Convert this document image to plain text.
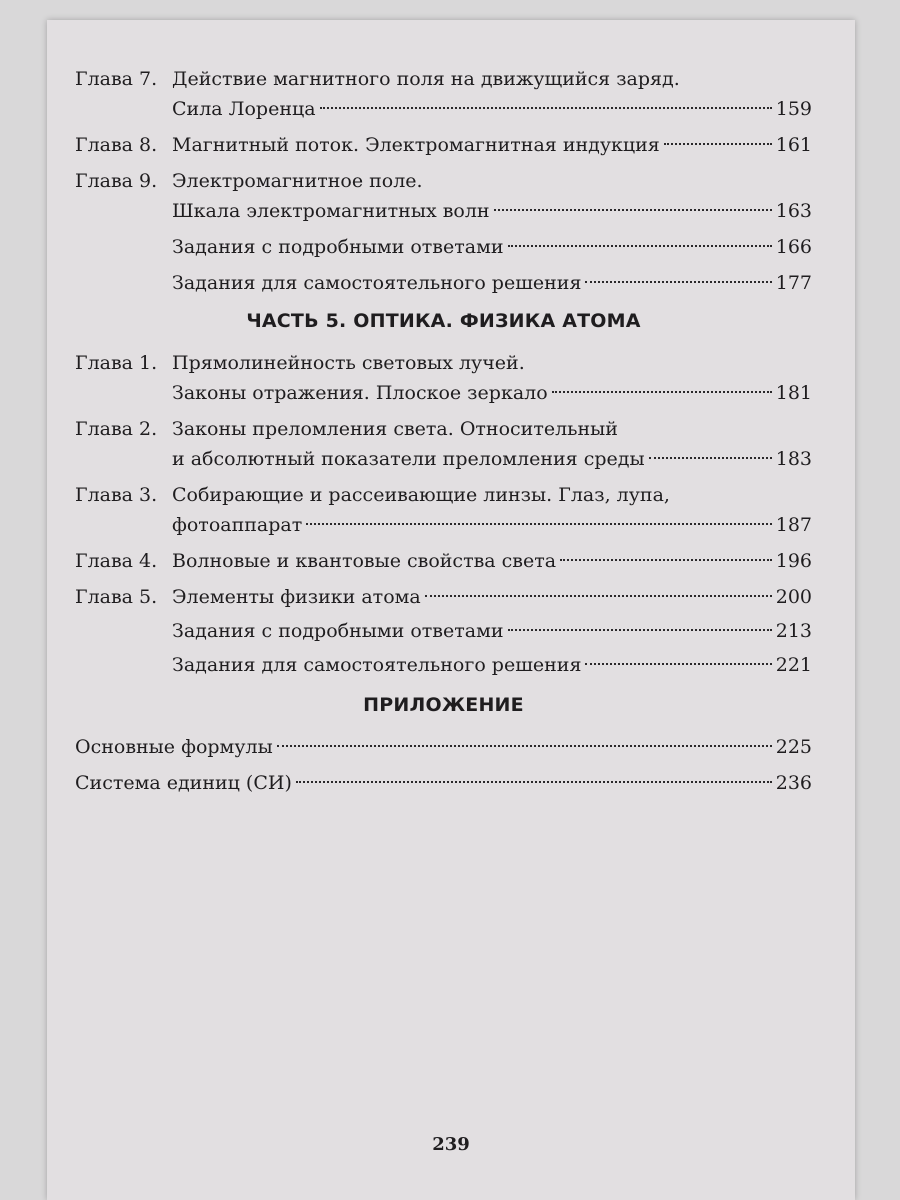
Глава 7. Действие магнитного поля на движущийся заряд.
Сила Лоренца	159
Глава 8. Магнитный поток. Электромагнитная индукция	161
Глава 9. Электромагнитное поле.
Шкала электромагнитных волн	163
Задания с подробными ответами	166
Задания для самостоятельного решения	177
ЧАСТЬ 5. ОПТИКА. ФИЗИКА АТОМА
Глава 1. Прямолинейность световых лучей.
Законы отражения. Плоское зеркало	181
Глава 2. Законы преломления света. Относительный
и абсолютный показатели преломления среды	183
Глава 3. Собирающие и рассеивающие линзы. Глаз, лупа,
фотоаппарат	187
Глава 4. Волновые и квантовые свойства света	196
Глава 5. Элементы физики атома	200
Задания с подробными ответами	213
Задания для самостоятельного решения	221
ПРИЛОЖЕНИЕ
Основные формулы	225
Система единиц (СИ)	236
239
